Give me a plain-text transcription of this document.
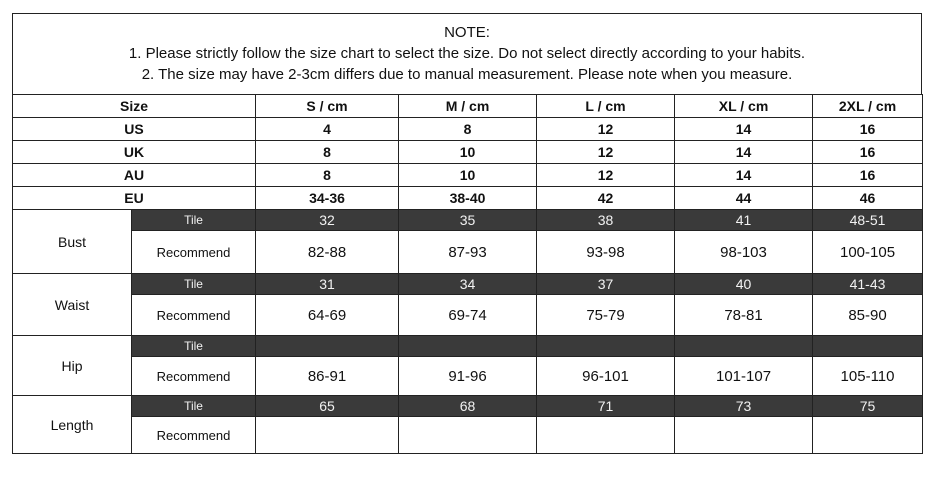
NOTE:
1. Please strictly follow the size chart to select the size. Do not select directly according to your habits.
2. The size may have 2-3cm differs due to manual measurement. Please note when you measure.
Size		S / cm	M / cm	L / cm	XL / cm	2XL / cm
US		4	8	12	14	16
UK		8	10	12	14	16
AU		8	10	12	14	16
EU		34-36	38-40	42	44	46
Bust	Tile	32	35	38	41	48-51
	Recommend	82-88	87-93	93-98	98-103	100-105
Waist	Tile	31	34	37	40	41-43
	Recommend	64-69	69-74	75-79	78-81	85-90
Hip	Tile					
	Recommend	86-91	91-96	96-101	101-107	105-110
Length	Tile	65	68	71	73	75
	Recommend					
